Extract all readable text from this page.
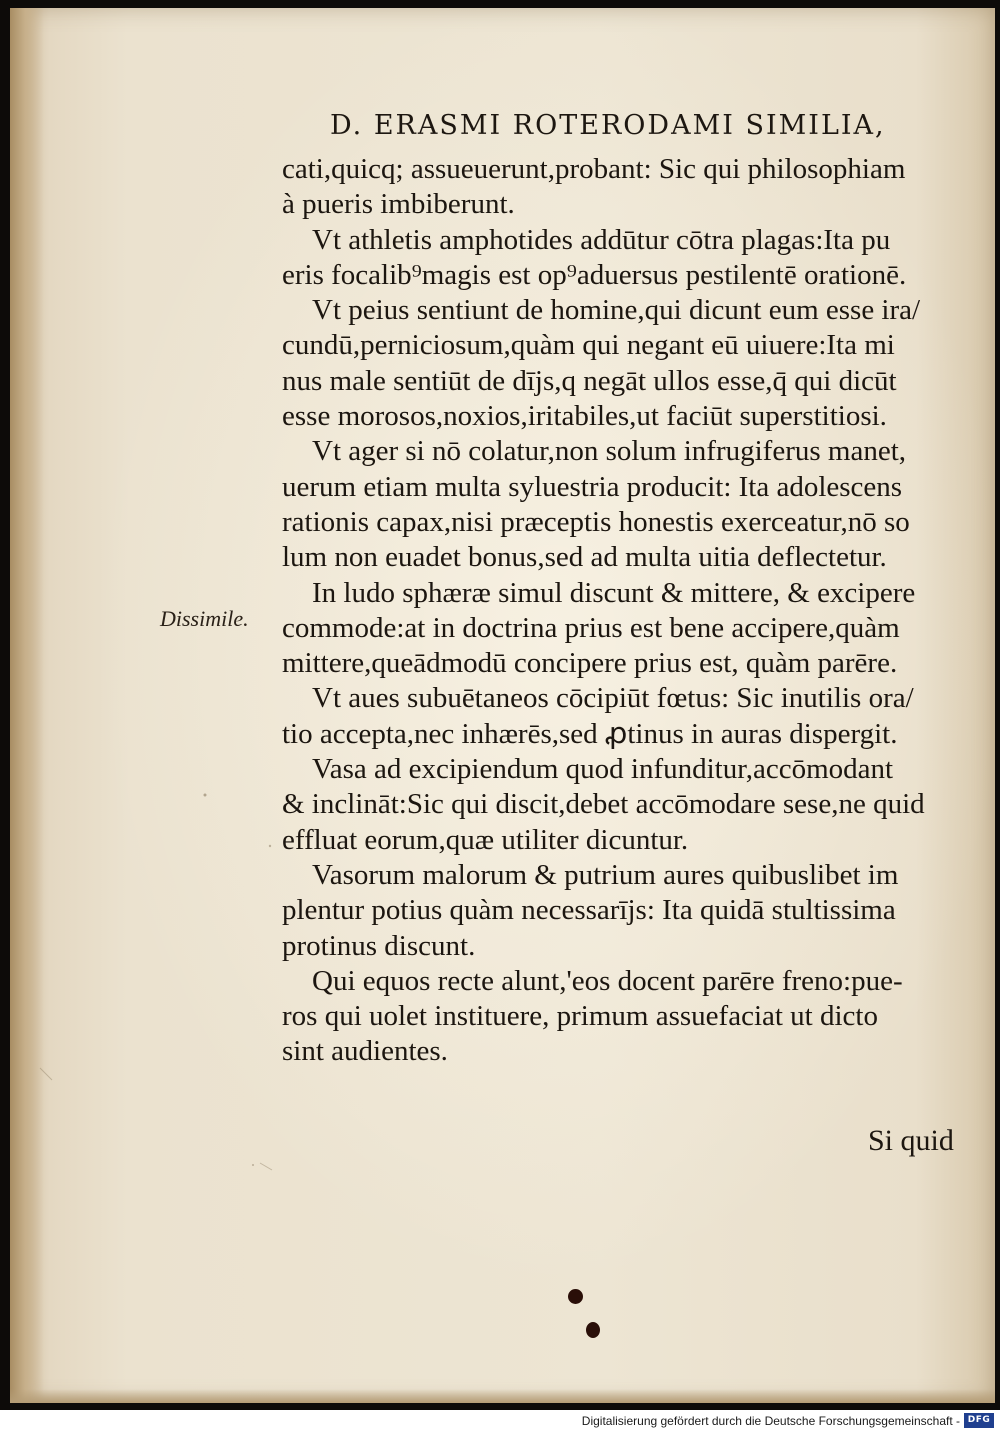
D. ERASMI ROTERODAMI SIMILIA,
cati,quicq; assueuerunt,probant: Sic qui philosophiam
à pueris imbiberunt.
Vt athletis amphotides addūtur cōtra plagas:Ita pu
eris focalib⁹magis est op⁹aduersus pestilentē orationē.
Vt peius sentiunt de homine,qui dicunt eum esse ira/
cundū,perniciosum,quàm qui negant eū uiuere:Ita mi
nus male sentiūt de dījs,q negāt ullos esse,q̄ qui dicūt
esse morosos,noxios,iritabiles,ut faciūt superstitiosi.
Vt ager si nō colatur,non solum infrugiferus manet,
uerum etiam multa syluestria producit: Ita adolescens
rationis capax,nisi præceptis honestis exerceatur,nō so
lum non euadet bonus,sed ad multa uitia deflectetur.
In ludo sphæræ simul discunt & mittere, & excipere
commode:at in doctrina prius est bene accipere,quàm
mittere,queādmodū concipere prius est, quàm parēre.
Vt aues subuētaneos cōcipiūt fœtus: Sic inutilis ora/
tio accepta,nec inhærēs,sed ꝓtinus in auras dispergit.
Vasa ad excipiendum quod infunditur,accōmodant
& inclināt:Sic qui discit,debet accōmodare sese,ne quid
effluat eorum,quæ utiliter dicuntur.
Vasorum malorum & putrium aures quibuslibet im
plentur potius quàm necessarījs: Ita quidā stultissima
protinus discunt.
Qui equos recte alunt,'eos docent parēre freno:pue-
ros qui uolet instituere, primum assuefaciat ut dicto
sint audientes.
Dissimile.
Si quid
Digitalisierung gefördert durch die Deutsche Forschungsgemeinschaft - DFG
